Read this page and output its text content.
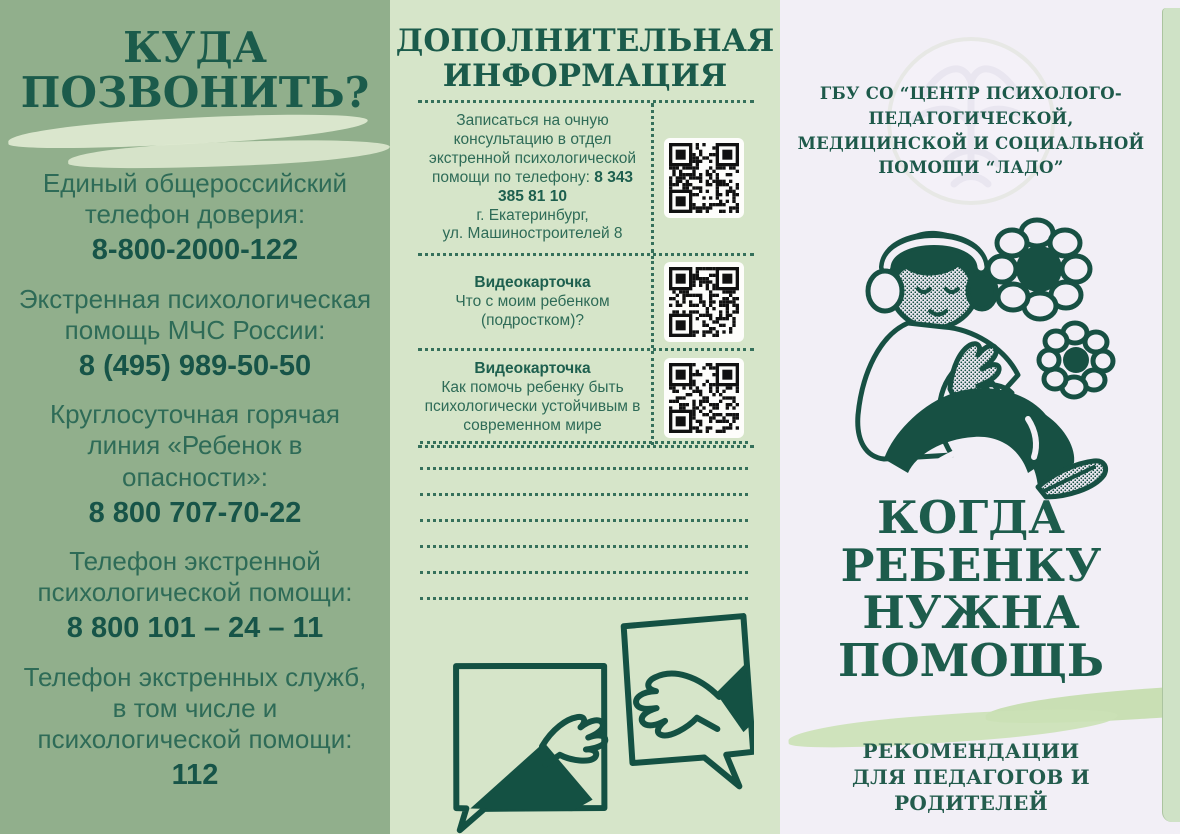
КУДА
ПОЗВОНИТЬ?
Единый общероссийский телефон доверия:
8-800-2000-122
Экстренная психологическая помощь МЧС России:
8 (495) 989-50-50
Круглосуточная горячая линия «Ребенок в опасности»:
8 800 707-70-22
Телефон экстренной психологической помощи:
8 800 101 – 24 – 11
Телефон экстренных служб, в том числе и психологической помощи:
112
ДОПОЛНИТЕЛЬНАЯ
ИНФОРМАЦИЯ
Записаться на очную консультацию в отдел экстренной психологической помощи по телефону: 8 343 385 81 10
г. Екатеринбург,
ул. Машиностроителей 8
Видеокарточка
Что с моим ребенком (подростком)?
Видеокарточка
Как помочь ребенку быть психологически устойчивым в современном мире
ГБУ СО “ЦЕНТР ПСИХОЛОГО-
ПЕДАГОГИЧЕСКОЙ,
МЕДИЦИНСКОЙ И СОЦИАЛЬНОЙ
ПОМОЩИ “ЛАДО”
КОГДА
РЕБЕНКУ
НУЖНА
ПОМОЩЬ
РЕКОМЕНДАЦИИ
ДЛЯ ПЕДАГОГОВ И РОДИТЕЛЕЙ
